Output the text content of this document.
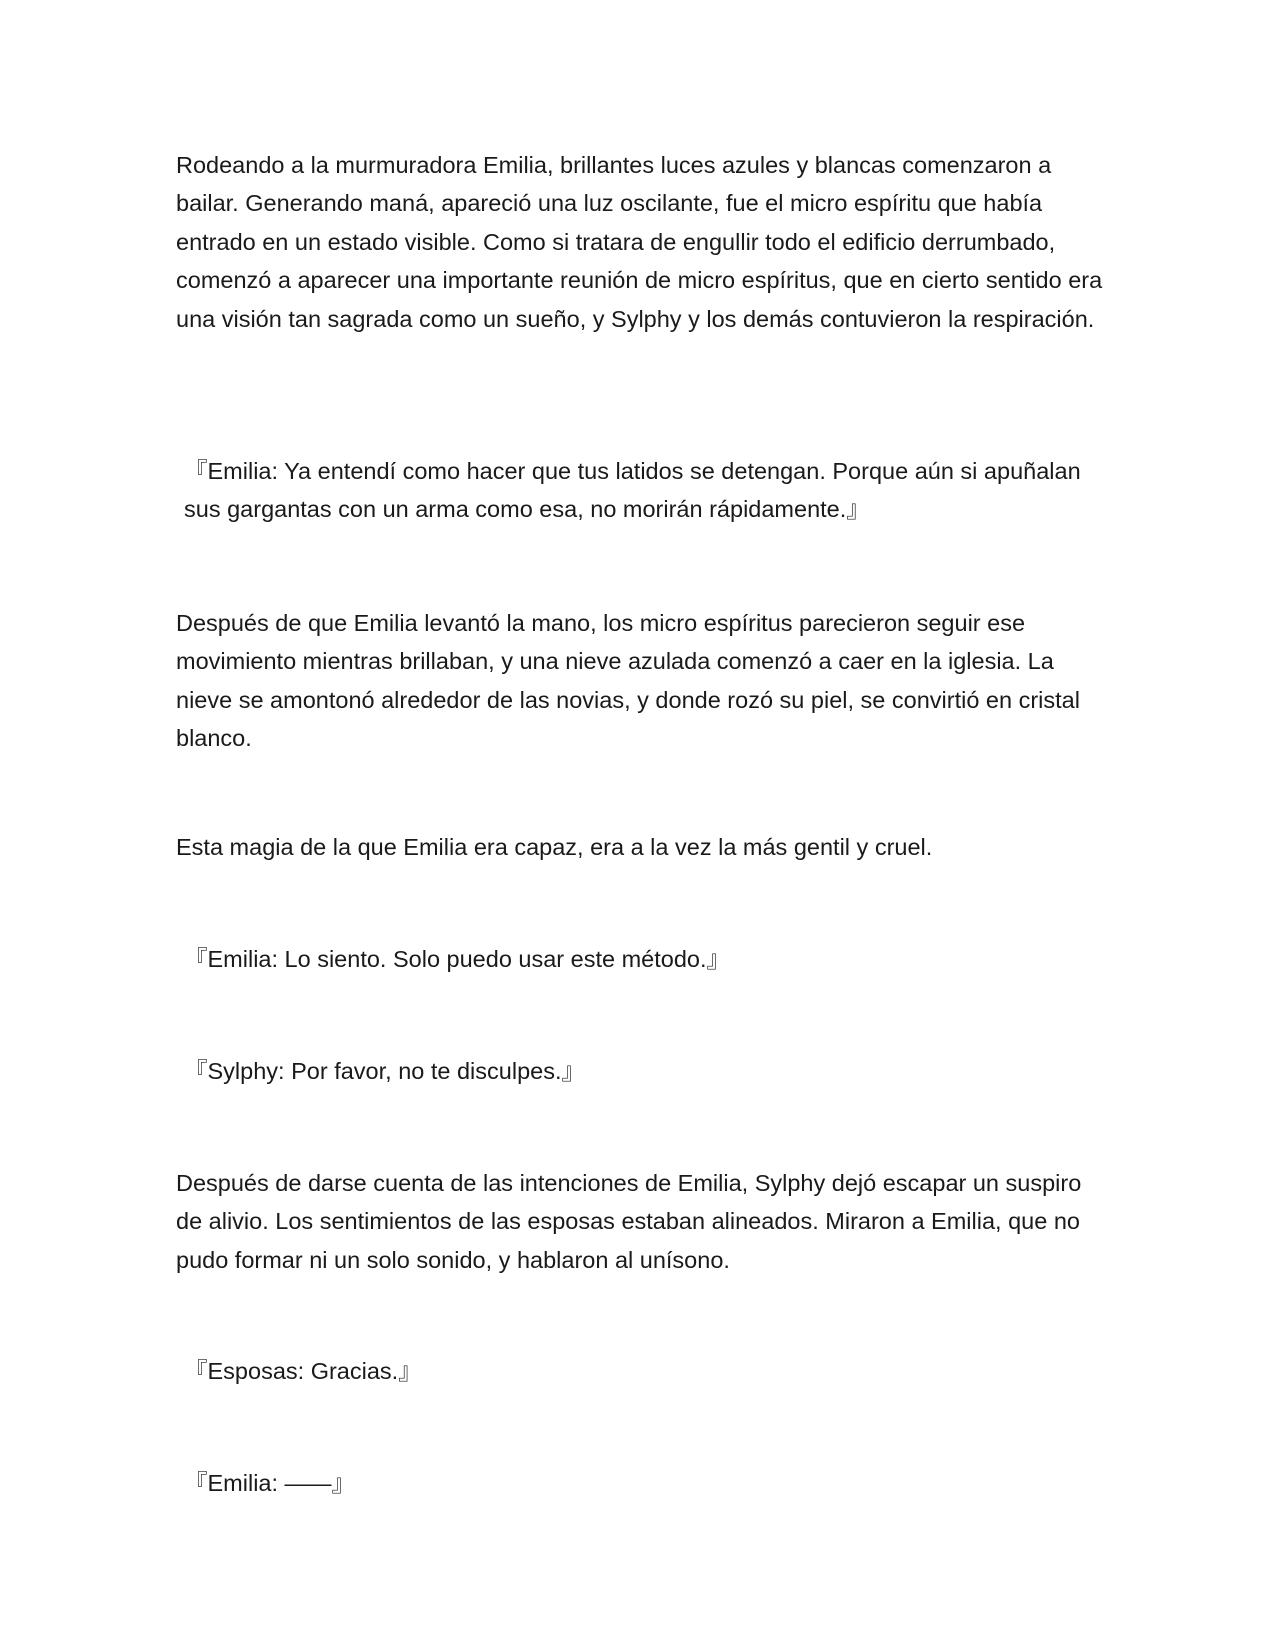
Rodeando a la murmuradora Emilia, brillantes luces azules y blancas comenzaron a bailar. Generando maná, apareció una luz oscilante, fue el micro espíritu que había entrado en un estado visible. Como si tratara de engullir todo el edificio derrumbado, comenzó a aparecer una importante reunión de micro espíritus, que en cierto sentido era una visión tan sagrada como un sueño, y Sylphy y los demás contuvieron la respiración.

『Emilia: Ya entendí como hacer que tus latidos se detengan. Porque aún si apuñalan sus gargantas con un arma como esa, no morirán rápidamente.』

Después de que Emilia levantó la mano, los micro espíritus parecieron seguir ese movimiento mientras brillaban, y una nieve azulada comenzó a caer en la iglesia. La nieve se amontonó alrededor de las novias, y donde rozó su piel, se convirtió en cristal blanco.

Esta magia de la que Emilia era capaz, era a la vez la más gentil y cruel.

『Emilia: Lo siento. Solo puedo usar este método.』

『Sylphy: Por favor, no te disculpes.』

Después de darse cuenta de las intenciones de Emilia, Sylphy dejó escapar un suspiro de alivio. Los sentimientos de las esposas estaban alineados. Miraron a Emilia, que no pudo formar ni un solo sonido, y hablaron al unísono.

『Esposas: Gracias.』

『Emilia: ——』
